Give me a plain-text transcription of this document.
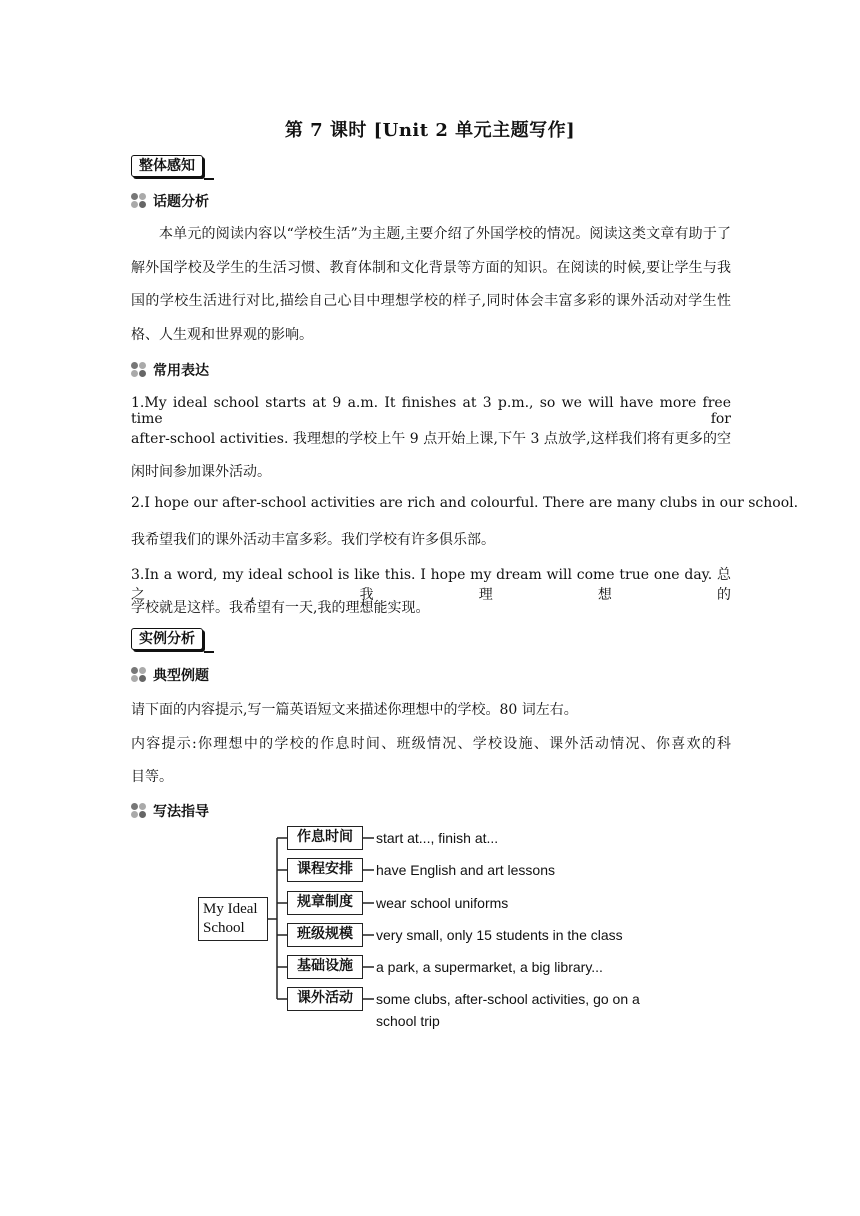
第 7 课时 [Unit 2 单元主题写作]
整体感知
话题分析
本单元的阅读内容以“学校生活”为主题,主要介绍了外国学校的情况。阅读这类文章有助于了解外国学校及学生的生活习惯、教育体制和文化背景等方面的知识。在阅读的时候,要让学生与我国的学校生活进行对比,描绘自己心目中理想学校的样子,同时体会丰富多彩的课外活动对学生性格、人生观和世界观的影响。
常用表达
1.My ideal school starts at 9 a.m. It finishes at 3 p.m., so we will have more free time for
after-school activities. 我理想的学校上午 9 点开始上课,下午 3 点放学,这样我们将有更多的空
闲时间参加课外活动。
2.I hope our after-school activities are rich and colourful. There are many clubs in our school.
我希望我们的课外活动丰富多彩。我们学校有许多俱乐部。
3.In a word, my ideal school is like this. I hope my dream will come true one day. 总之,我理想的
学校就是这样。我希望有一天,我的理想能实现。
实例分析
典型例题
请下面的内容提示,写一篇英语短文来描述你理想中的学校。80 词左右。
内容提示:你理想中的学校的作息时间、班级情况、学校设施、课外活动情况、你喜欢的科
目等。
写法指导
My Ideal School
作息时间
课程安排
规章制度
班级规模
基础设施
课外活动
start at..., finish at...
have English and art lessons
wear school uniforms
very small, only 15 students in the class
a park, a supermarket, a big library...
some clubs, after-school activities, go on a school trip
